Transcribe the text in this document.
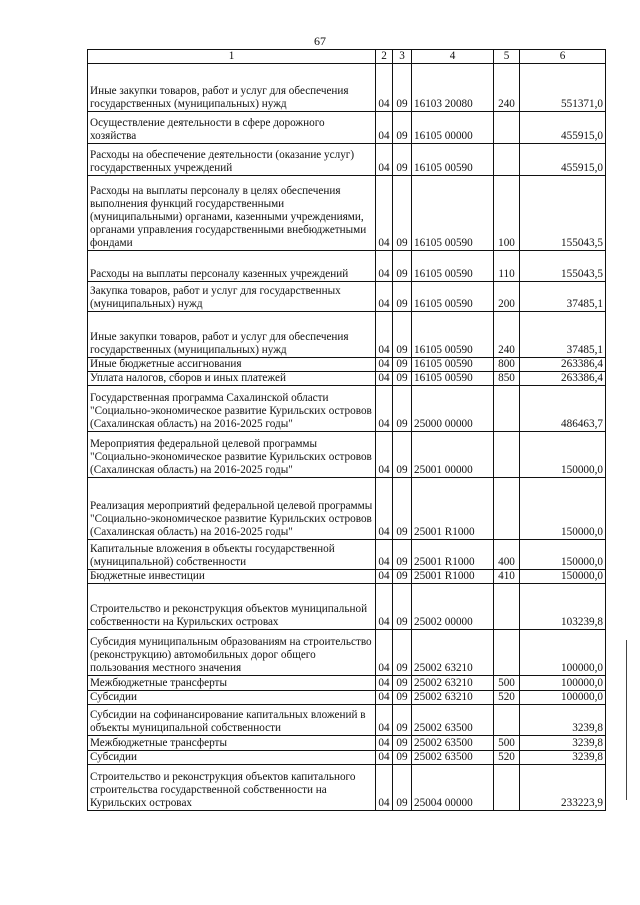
67
1	2	3	4	5	6
Иные закупки товаров, работ и услуг для обеспечения государственных (муниципальных) нужд	04	09	16103 20080	240	551371,0
Осуществление деятельности в сфере дорожного хозяйства	04	09	16105 00000		455915,0
Расходы на обеспечение деятельности (оказание услуг) государственных учреждений	04	09	16105 00590		455915,0
Расходы на выплаты персоналу в целях обеспечения выполнения функций государственными (муниципальными) органами, казенными учреждениями, органами управления государственными внебюджетными фондами	04	09	16105 00590	100	155043,5
Расходы на выплаты персоналу казенных учреждений	04	09	16105 00590	110	155043,5
Закупка товаров, работ и услуг для государственных (муниципальных) нужд	04	09	16105 00590	200	37485,1
Иные закупки товаров, работ и услуг для обеспечения государственных (муниципальных) нужд	04	09	16105 00590	240	37485,1
Иные бюджетные ассигнования	04	09	16105 00590	800	263386,4
Уплата налогов, сборов и иных платежей	04	09	16105 00590	850	263386,4
Государственная программа Сахалинской области "Социально-экономическое развитие Курильских островов (Сахалинская область) на 2016-2025 годы"	04	09	25000 00000		486463,7
Мероприятия федеральной целевой программы "Социально-экономическое развитие Курильских островов (Сахалинская область) на 2016-2025 годы"	04	09	25001 00000		150000,0
Реализация мероприятий федеральной целевой программы "Социально-экономическое развитие Курильских островов (Сахалинская область) на 2016-2025 годы"	04	09	25001 R1000		150000,0
Капитальные вложения в объекты государственной (муниципальной) собственности	04	09	25001 R1000	400	150000,0
Бюджетные инвестиции	04	09	25001 R1000	410	150000,0
Строительство и реконструкция объектов муниципальной собственности на Курильских островах	04	09	25002 00000		103239,8
Субсидия муниципальным образованиям на строительство (реконструкцию) автомобильных дорог общего пользования местного значения	04	09	25002 63210		100000,0
Межбюджетные трансферты	04	09	25002 63210	500	100000,0
Субсидии	04	09	25002 63210	520	100000,0
Субсидии на софинансирование капитальных вложений в объекты муниципальной собственности	04	09	25002 63500		3239,8
Межбюджетные трансферты	04	09	25002 63500	500	3239,8
Субсидии	04	09	25002 63500	520	3239,8
Строительство и реконструкция объектов капитального строительства государственной собственности на Курильских островах	04	09	25004 00000		233223,9
